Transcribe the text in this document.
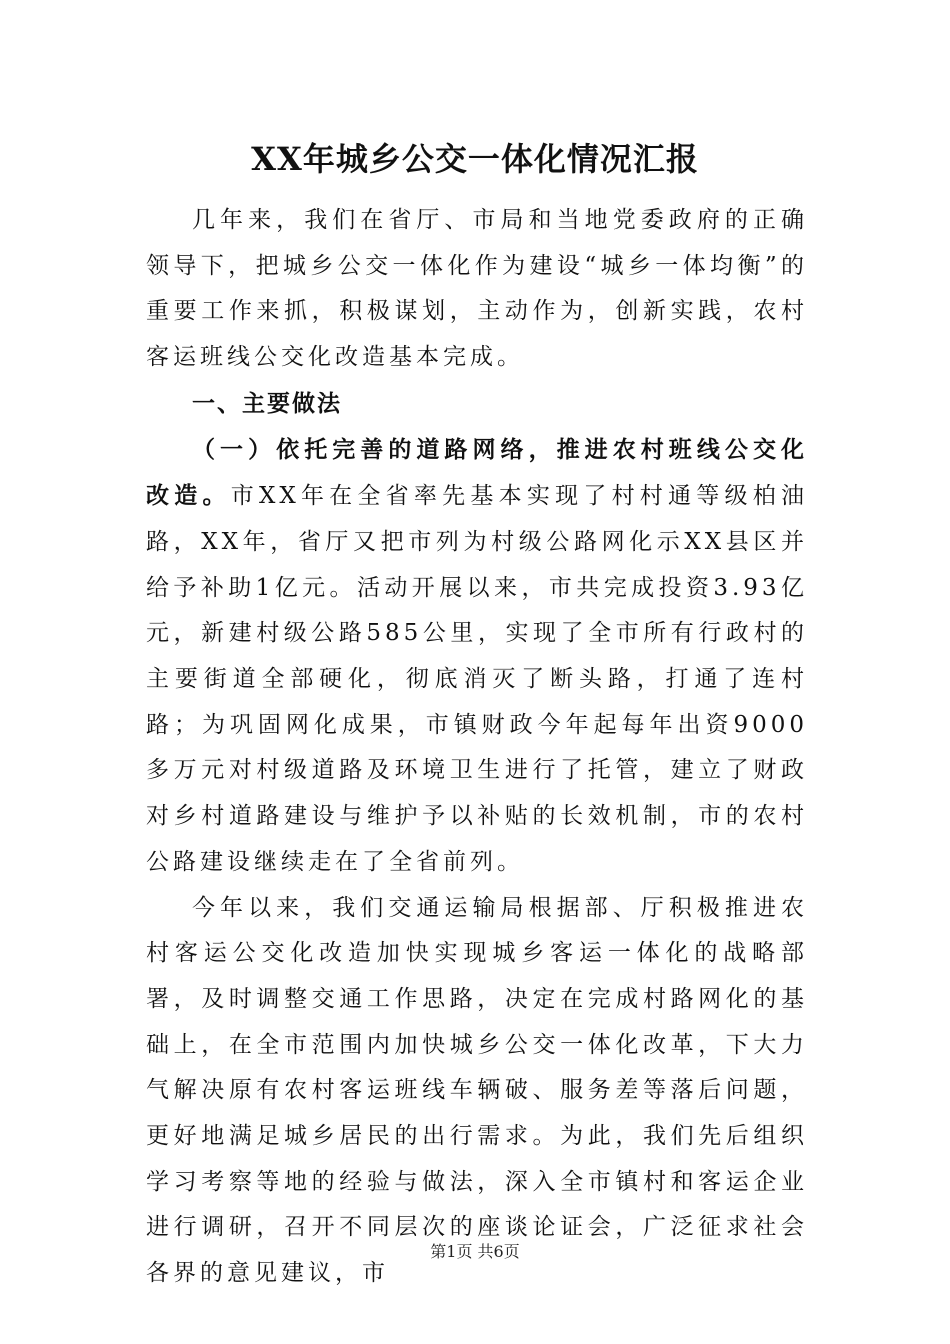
XX年城乡公交一体化情况汇报

几年来，我们在省厅、市局和当地党委政府的正确领导下，把城乡公交一体化作为建设“城乡一体均衡”的重要工作来抓，积极谋划，主动作为，创新实践，农村客运班线公交化改造基本完成。

一、主要做法

（一）依托完善的道路网络，推进农村班线公交化改造。市XX年在全省率先基本实现了村村通等级柏油路，XX年，省厅又把市列为村级公路网化示XX县区并给予补助1亿元。活动开展以来，市共完成投资3.93亿元，新建村级公路585公里，实现了全市所有行政村的主要街道全部硬化，彻底消灭了断头路，打通了连村路；为巩固网化成果，市镇财政今年起每年出资9000多万元对村级道路及环境卫生进行了托管，建立了财政对乡村道路建设与维护予以补贴的长效机制，市的农村公路建设继续走在了全省前列。

今年以来，我们交通运输局根据部、厅积极推进农村客运公交化改造加快实现城乡客运一体化的战略部署，及时调整交通工作思路，决定在完成村路网化的基础上，在全市范围内加快城乡公交一体化改革，下大力气解决原有农村客运班线车辆破、服务差等落后问题，更好地满足城乡居民的出行需求。为此，我们先后组织学习考察等地的经验与做法，深入全市镇村和客运企业进行调研，召开不同层次的座谈论证会，广泛征求社会各界的意见建议，市

第1页 共6页
